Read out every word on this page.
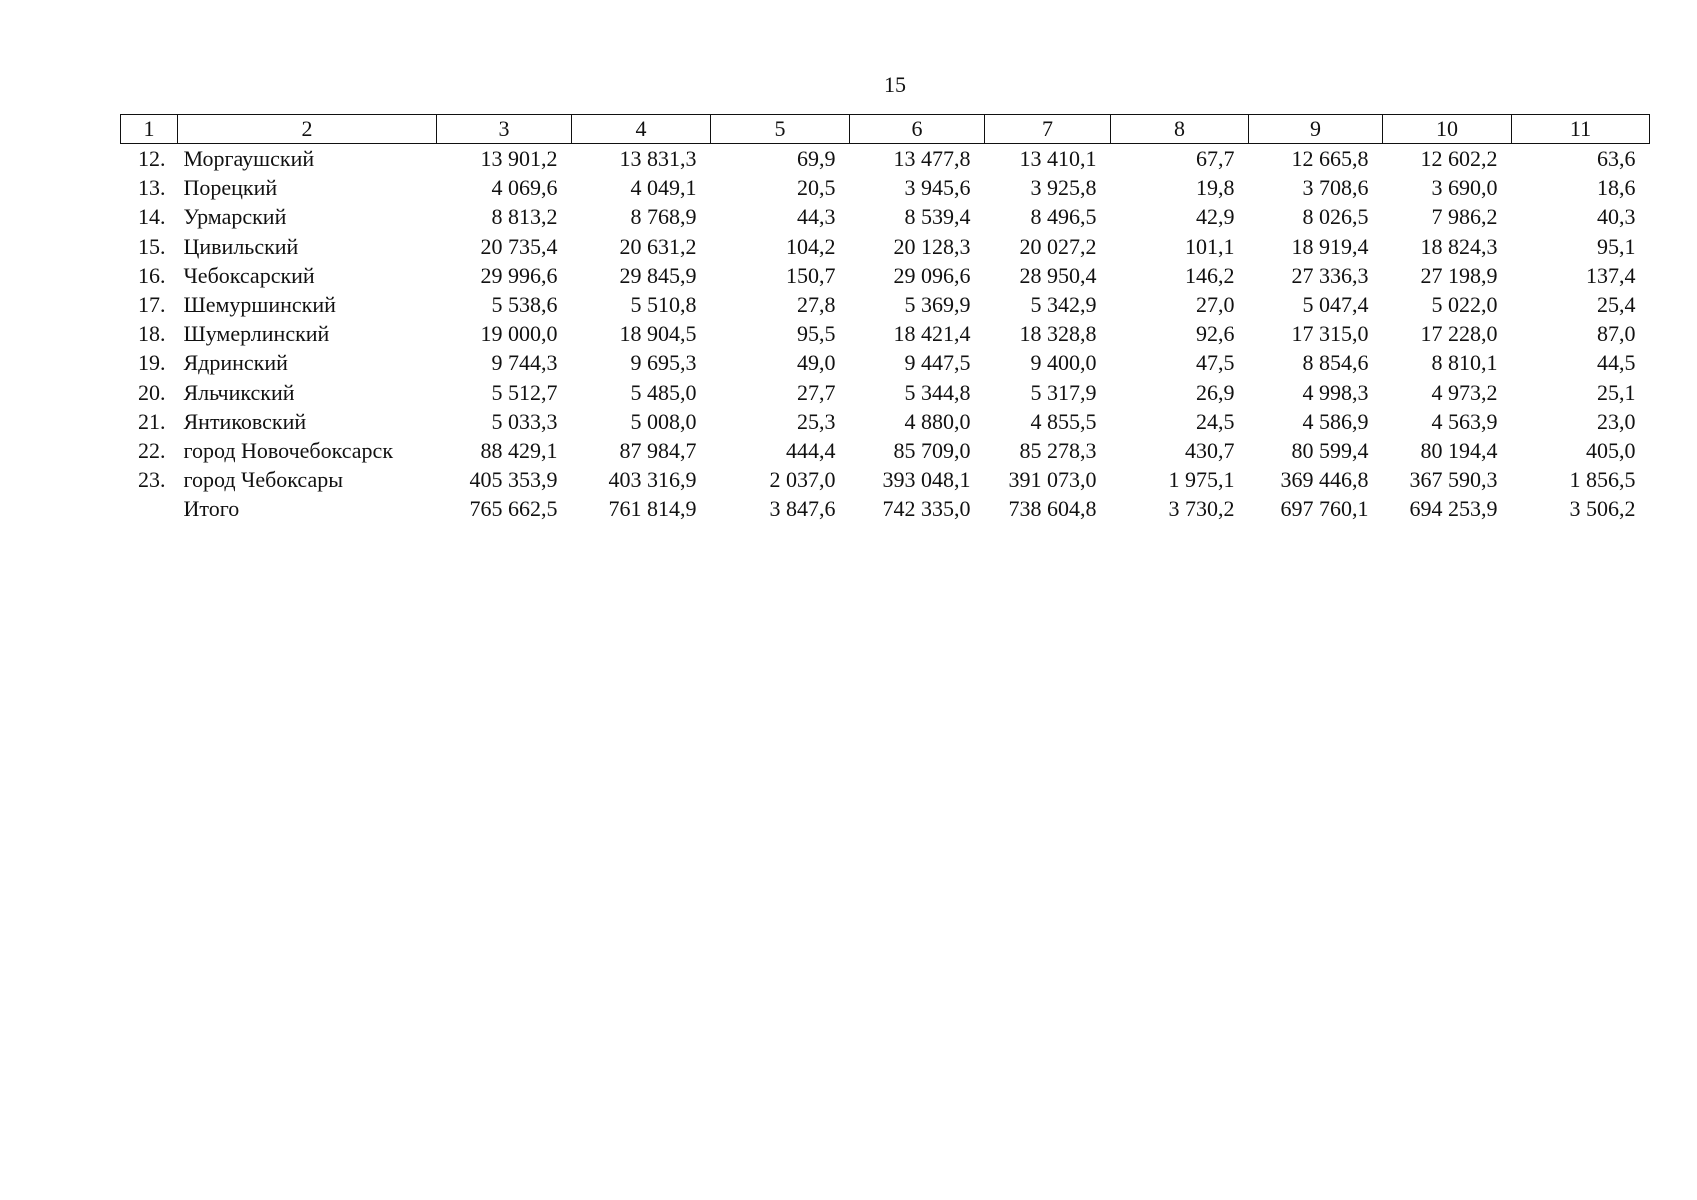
15
1	2	3	4	5	6	7	8	9	10	11
12.	Моргаушский	13 901,2	13 831,3	69,9	13 477,8	13 410,1	67,7	12 665,8	12 602,2	63,6
13.	Порецкий	4 069,6	4 049,1	20,5	3 945,6	3 925,8	19,8	3 708,6	3 690,0	18,6
14.	Урмарский	8 813,2	8 768,9	44,3	8 539,4	8 496,5	42,9	8 026,5	7 986,2	40,3
15.	Цивильский	20 735,4	20 631,2	104,2	20 128,3	20 027,2	101,1	18 919,4	18 824,3	95,1
16.	Чебоксарский	29 996,6	29 845,9	150,7	29 096,6	28 950,4	146,2	27 336,3	27 198,9	137,4
17.	Шемуршинский	5 538,6	5 510,8	27,8	5 369,9	5 342,9	27,0	5 047,4	5 022,0	25,4
18.	Шумерлинский	19 000,0	18 904,5	95,5	18 421,4	18 328,8	92,6	17 315,0	17 228,0	87,0
19.	Ядринский	9 744,3	9 695,3	49,0	9 447,5	9 400,0	47,5	8 854,6	8 810,1	44,5
20.	Яльчикский	5 512,7	5 485,0	27,7	5 344,8	5 317,9	26,9	4 998,3	4 973,2	25,1
21.	Янтиковский	5 033,3	5 008,0	25,3	4 880,0	4 855,5	24,5	4 586,9	4 563,9	23,0
22.	город Новочебоксарск	88 429,1	87 984,7	444,4	85 709,0	85 278,3	430,7	80 599,4	80 194,4	405,0
23.	город Чебоксары	405 353,9	403 316,9	2 037,0	393 048,1	391 073,0	1 975,1	369 446,8	367 590,3	1 856,5
	Итого	765 662,5	761 814,9	3 847,6	742 335,0	738 604,8	3 730,2	697 760,1	694 253,9	3 506,2
